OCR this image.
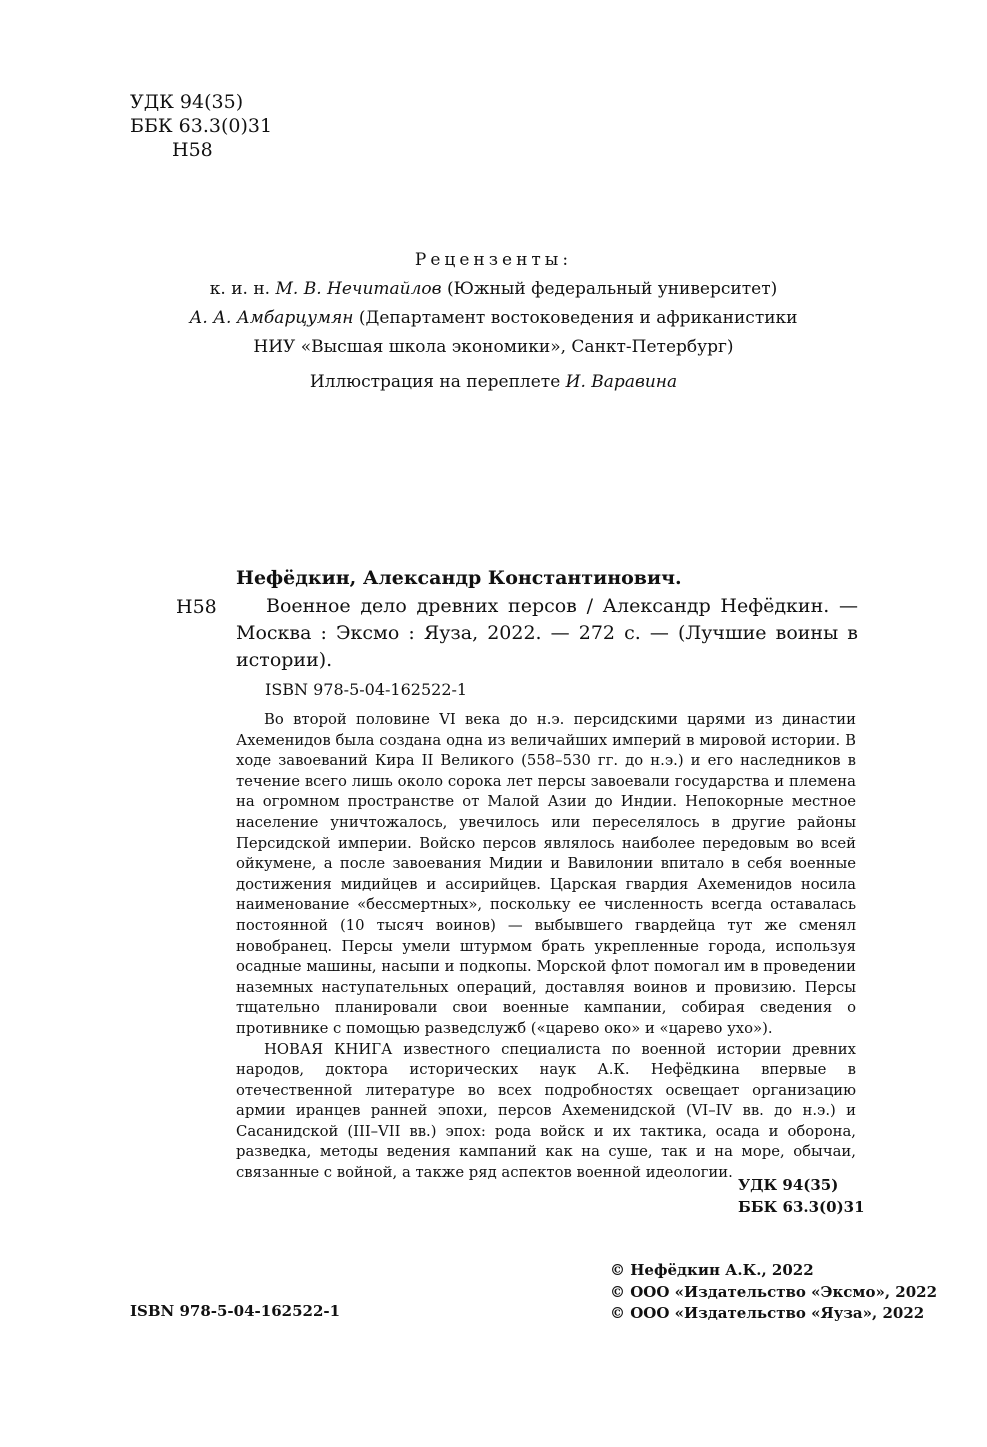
УДК 94(35)
ББК 63.3(0)31
Н58
Рецензенты:
к. и. н. М. В. Нечитайлов (Южный федеральный университет)
А. А. Амбарцумян (Департамент востоковедения и африканистики
НИУ «Высшая школа экономики», Санкт-Петербург)
Иллюстрация на переплете И. Варавина
Нефёдкин, Александр Константинович.
Н58	Военное дело древних персов / Александр Нефёдкин. — Москва : Эксмо : Яуза, 2022. — 272 с. — (Лучшие воины в истории).
ISBN 978-5-04-162522-1

Во второй половине VI века до н.э. персидскими царями из династии Ахеменидов была создана одна из величайших империй в мировой истории. В ходе завоеваний Кира II Великого (558–530 гг. до н.э.) и его наследников в течение всего лишь около сорока лет персы завоевали государства и племена на огромном пространстве от Малой Азии до Индии. Непокорные местное население уничтожалось, увечилось или переселялось в другие районы Персидской империи. Войско персов являлось наиболее передовым во всей ойкумене, а после завоевания Мидии и Вавилонии впитало в себя военные достижения мидийцев и ассирийцев. Царская гвардия Ахеменидов носила наименование «бессмертных», поскольку ее численность всегда оставалась постоянной (10 тысяч воинов) — выбывшего гвардейца тут же сменял новобранец. Персы умели штурмом брать укрепленные города, используя осадные машины, насыпи и подкопы. Морской флот помогал им в проведении наземных наступательных операций, доставляя воинов и провизию. Персы тщательно планировали свои военные кампании, собирая сведения о противнике с помощью разведслужб («царево око» и «царево ухо»).

НОВАЯ КНИГА известного специалиста по военной истории древних народов, доктора исторических наук А.К. Нефёдкина впервые в отечественной литературе во всех подробностях освещает организацию армии иранцев ранней эпохи, персов Ахеменидской (VI–IV вв. до н.э.) и Сасанидской (III–VII вв.) эпох: рода войск и их тактика, осада и оборона, разведка, методы ведения кампаний как на суше, так и на море, обычаи, связанные с войной, а также ряд аспектов военной идеологии.

УДК 94(35)
ББК 63.3(0)31
© Нефёдкин А.К., 2022
© ООО «Издательство «Эксмо», 2022
© ООО «Издательство «Яуза», 2022
ISBN 978-5-04-162522-1
